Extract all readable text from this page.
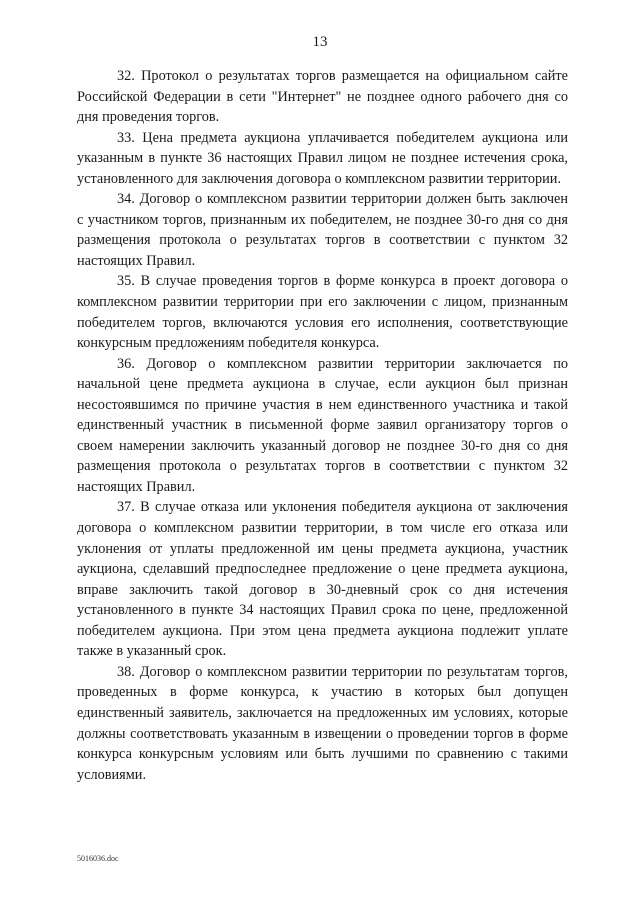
13

32. Протокол о результатах торгов размещается на официальном сайте Российской Федерации в сети "Интернет" не позднее одного рабочего дня со дня проведения торгов.

33. Цена предмета аукциона уплачивается победителем аукциона или указанным в пункте 36 настоящих Правил лицом не позднее истечения срока, установленного для заключения договора о комплексном развитии территории.

34. Договор о комплексном развитии территории должен быть заключен с участником торгов, признанным их победителем, не позднее 30-го дня со дня размещения протокола о результатах торгов в соответствии с пунктом 32 настоящих Правил.

35. В случае проведения торгов в форме конкурса в проект договора о комплексном развитии территории при его заключении с лицом, признанным победителем торгов, включаются условия его исполнения, соответствующие конкурсным предложениям победителя конкурса.

36. Договор о комплексном развитии территории заключается по начальной цене предмета аукциона в случае, если аукцион был признан несостоявшимся по причине участия в нем единственного участника и такой единственный участник в письменной форме заявил организатору торгов о своем намерении заключить указанный договор не позднее 30-го дня со дня размещения протокола о результатах торгов в соответствии с пунктом 32 настоящих Правил.

37. В случае отказа или уклонения победителя аукциона от заключения договора о комплексном развитии территории, в том числе его отказа или уклонения от уплаты предложенной им цены предмета аукциона, участник аукциона, сделавший предпоследнее предложение о цене предмета аукциона, вправе заключить такой договор в 30-дневный срок со дня истечения установленного в пункте 34 настоящих Правил срока по цене, предложенной победителем аукциона. При этом цена предмета аукциона подлежит уплате также в указанный срок.

38. Договор о комплексном развитии территории по результатам торгов, проведенных в форме конкурса, к участию в которых был допущен единственный заявитель, заключается на предложенных им условиях, которые должны соответствовать указанным в извещении о проведении торгов в форме конкурса конкурсным условиям или быть лучшими по сравнению с такими условиями.

5016036.doc
